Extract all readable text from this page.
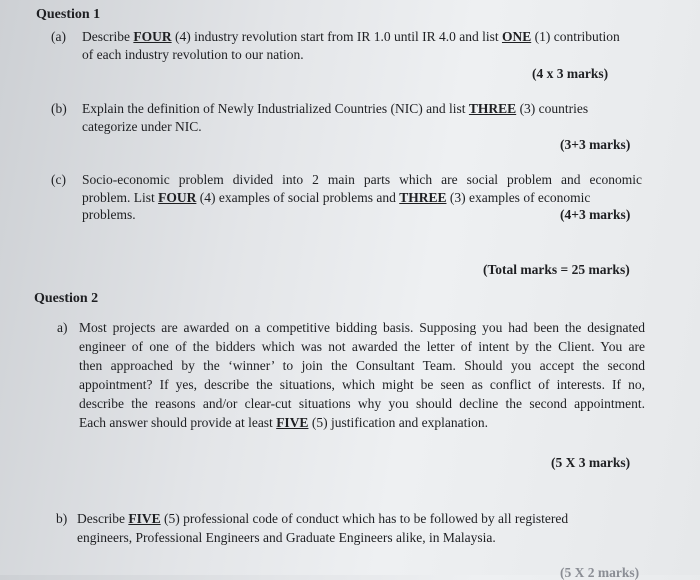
Question 1
(a) Describe FOUR (4) industry revolution start from IR 1.0 until IR 4.0 and list ONE (1) contribution
of each industry revolution to our nation.
(4 x 3 marks)
(b) Explain the definition of Newly Industrialized Countries (NIC) and list THREE (3) countries
categorize under NIC.
(3+3 marks)
(c) Socio-economic problem divided into 2 main parts which are social problem and economic
problem. List FOUR (4) examples of social problems and THREE (3) examples of economic
problems.	(4+3 marks)
(Total marks = 25 marks)
Question 2
a) Most projects are awarded on a competitive bidding basis. Supposing you had been the designated
engineer of one of the bidders which was not awarded the letter of intent by the Client. You are
then approached by the ‘winner’ to join the Consultant Team. Should you accept the second
appointment? If yes, describe the situations, which might be seen as conflict of interests. If no,
describe the reasons and/or clear-cut situations why you should decline the second appointment.
Each answer should provide at least FIVE (5) justification and explanation.
(5 X 3 marks)
b) Describe FIVE (5) professional code of conduct which has to be followed by all registered
engineers, Professional Engineers and Graduate Engineers alike, in Malaysia.
(5 X 2 marks)
